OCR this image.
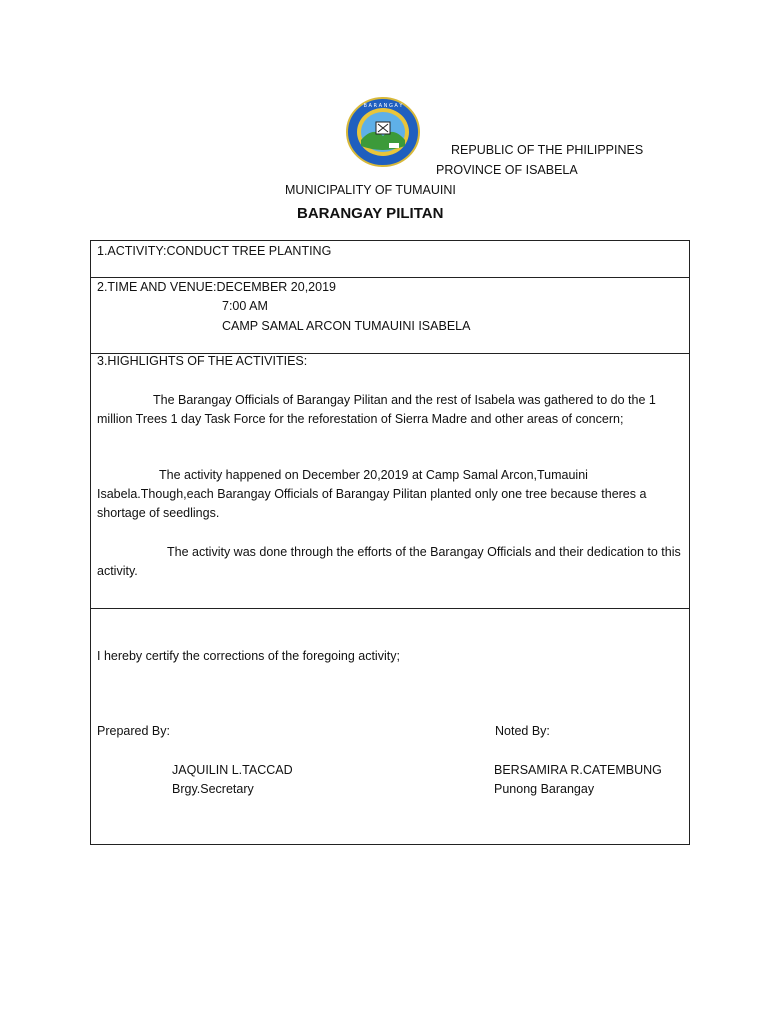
B A R A N G A Y
REPUBLIC OF THE PHILIPPINES
PROVINCE OF ISABELA
MUNICIPALITY OF TUMAUINI
BARANGAY PILITAN
1.ACTIVITY:CONDUCT TREE PLANTING
2.TIME AND VENUE:DECEMBER 20,2019
7:00 AM
CAMP SAMAL ARCON TUMAUINI ISABELA
3.HIGHLIGHTS OF THE ACTIVITIES:
The Barangay Officials of Barangay Pilitan and the rest of Isabela was gathered to do the 1 million Trees 1 day Task Force for the reforestation of Sierra Madre and other areas of concern;
The activity happened on December 20,2019 at Camp Samal Arcon,Tumauini Isabela.Though,each Barangay Officials of Barangay Pilitan planted only one tree because theres a shortage of seedlings.
The activity was done through the efforts of the Barangay Officials and their dedication to this activity.
I hereby certify the corrections of the foregoing activity;
Prepared By:
JAQUILIN L.TACCAD
Brgy.Secretary
Noted By:
BERSAMIRA R.CATEMBUNG
Punong Barangay
